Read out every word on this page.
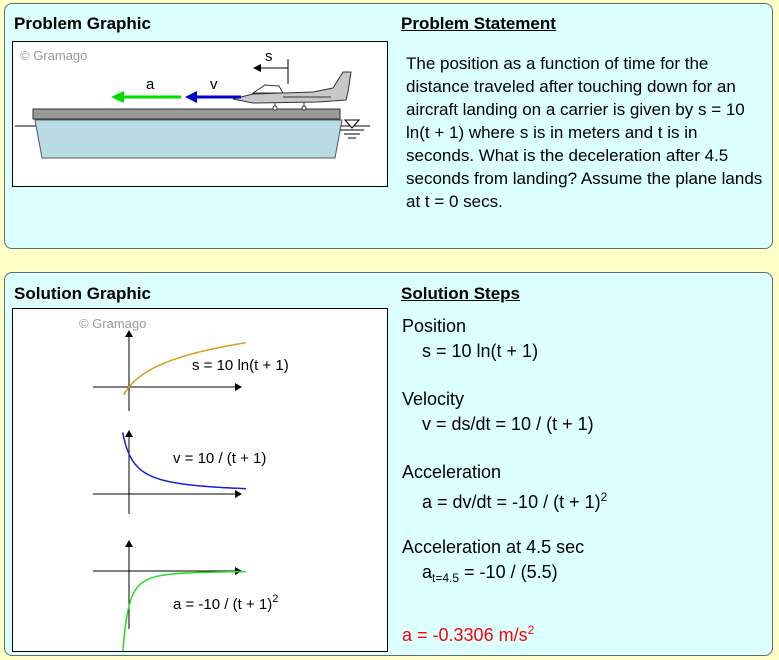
Problem Graphic	Problem Statement
a	v
s
© Gramago	The position as a function of time for the distance traveled after touching down for an aircraft landing on a carrier is given by s = 10 ln(t + 1) where s is in meters and t is in seconds. What is the deceleration after 4.5 seconds from landing? Assume the plane lands at t = 0 secs.
Solution Graphic	Solution Steps
s = 10 ln(t + 1)
v = 10 / (t + 1)
$a = -10 / (t + 1)^2$
© Gramago	Position
s = 10 ln(t + 1)
Velocity
v = ds/dt = 10 / (t + 1)
Acceleration
$a = dv/dt = -10 / (t + 1)^2$
Acceleration at 4.5 sec
$a_{t=4.5} = -10 / (5.5)$
a = -0.3306 $m/s^2$
